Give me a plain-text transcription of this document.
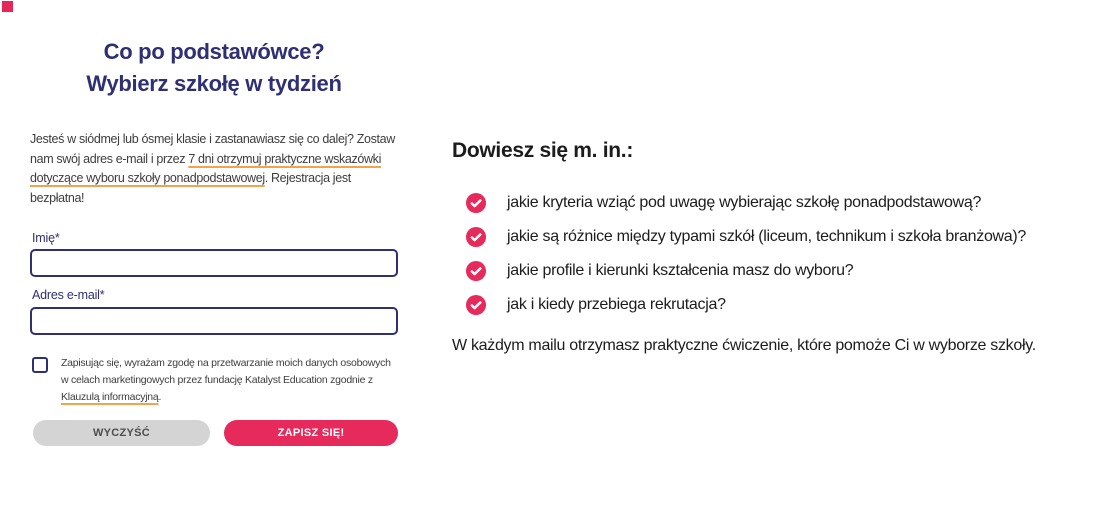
Co po podstawówce?
Wybierz szkołę w tydzień

Jesteś w siódmej lub ósmej klasie i zastanawiasz się co dalej? Zostaw nam swój adres e-mail i przez 7 dni otrzymuj praktyczne wskazówki dotyczące wyboru szkoły ponadpodstawowej. Rejestracja jest bezpłatna!

Imię*
Adres e-mail*
Zapisując się, wyrażam zgodę na przetwarzanie moich danych osobowych w celach marketingowych przez fundację Katalyst Education zgodnie z Klauzulą informacyjną.
WYCZYŚĆ	ZAPISZ SIĘ!
Dowiesz się m. in.:
jakie kryteria wziąć pod uwagę wybierając szkołę ponadpodstawową?
jakie są różnice między typami szkół (liceum, technikum i szkoła branżowa)?
jakie profile i kierunki kształcenia masz do wyboru?
jak i kiedy przebiega rekrutacja?

W każdym mailu otrzymasz praktyczne ćwiczenie, które pomoże Ci w wyborze szkoły.
